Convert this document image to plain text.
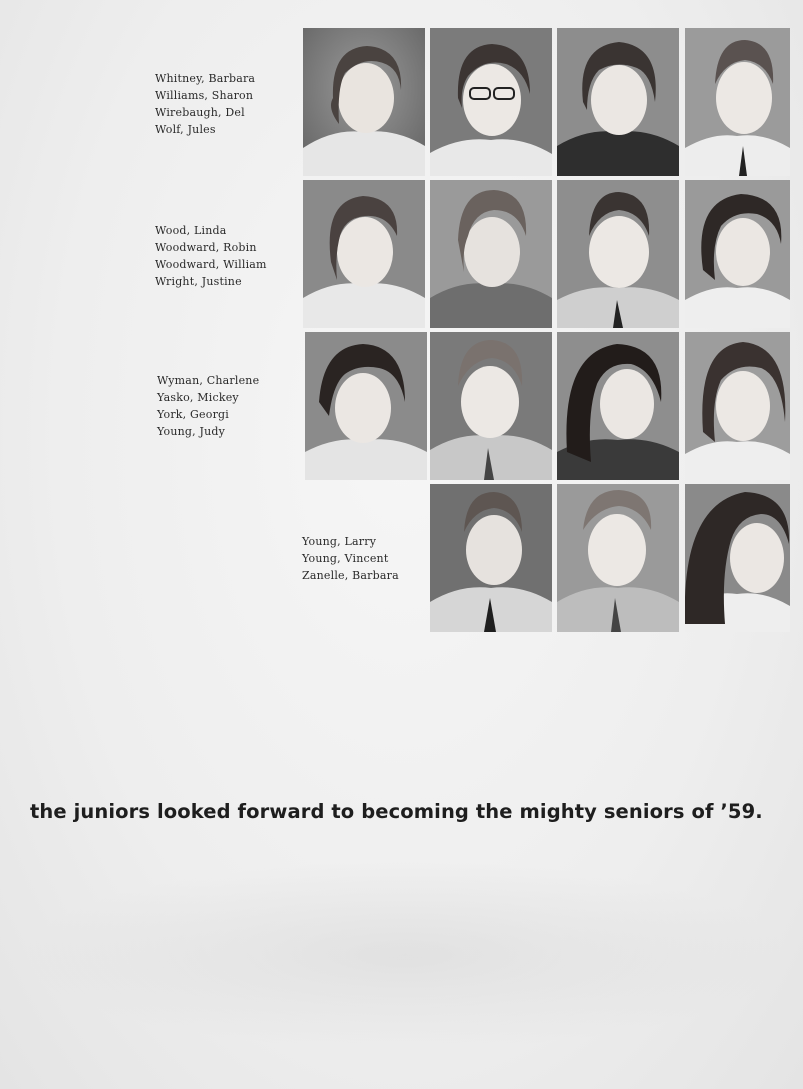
Whitney, Barbara
Williams, Sharon
Wirebaugh, Del
Wolf, Jules
Wood, Linda
Woodward, Robin
Woodward, William
Wright, Justine
Wyman, Charlene
Yasko, Mickey
York, Georgi
Young, Judy
Young, Larry
Young, Vincent
Zanelle, Barbara
the juniors looked forward to becoming the mighty seniors of ’59.
